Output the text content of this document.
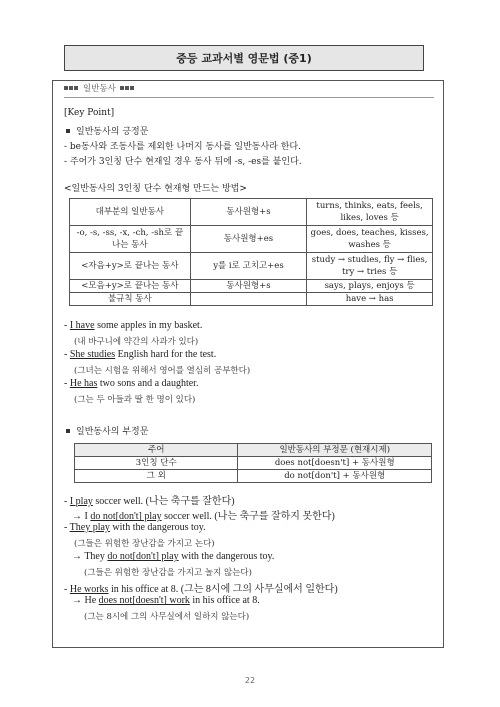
중등 교과서별 영문법 (중1)
일반동사
[Key Point]
일반동사의 긍정문
- be동사와 조동사를 제외한 나머지 동사를 일반동사라 한다.
- 주어가 3인칭 단수 현재일 경우 동사 뒤에 -s, -es를 붙인다.
<일반동사의 3인칭 단수 현재형 만드는 방법>
대부분의 일반동사	동사원형+s	turns, thinks, eats, feels, likes, loves 등
-o, -s, -ss, -x, -ch, -sh로 끝나는 동사	동사원형+es	goes, does, teaches, kisses, washes 등
<자음+y>로 끝나는 동사	y를 i로 고치고+es	study → studies, fly → flies, try → tries 등
<모음+y>로 끝나는 동사	동사원형+s	says, plays, enjoys 등
불규칙 동사		have → has
- I have some apples in my basket.
(내 바구니에 약간의 사과가 있다)
- She studies English hard for the test.
(그녀는 시험을 위해서 영어를 열심히 공부한다)
- He has two sons and a daughter.
(그는 두 아들과 딸 한 명이 있다)
일반동사의 부정문
주어	일반동사의 부정문 (현재시제)
3인칭 단수	does not[doesn't] + 동사원형
그 외	do not[don't] + 동사원형
- I play soccer well. (나는 축구를 잘한다)
→ I do not[don't] play soccer well. (나는 축구를 잘하지 못한다)
- They play with the dangerous toy.
(그들은 위험한 장난감을 가지고 논다)
→ They do not[don't] play with the dangerous toy.
(그들은 위험한 장난감을 가지고 놀지 않는다)
- He works in his office at 8. (그는 8시에 그의 사무실에서 일한다)
→ He does not[doesn't] work in his office at 8.
(그는 8시에 그의 사무실에서 일하지 않는다)
22
